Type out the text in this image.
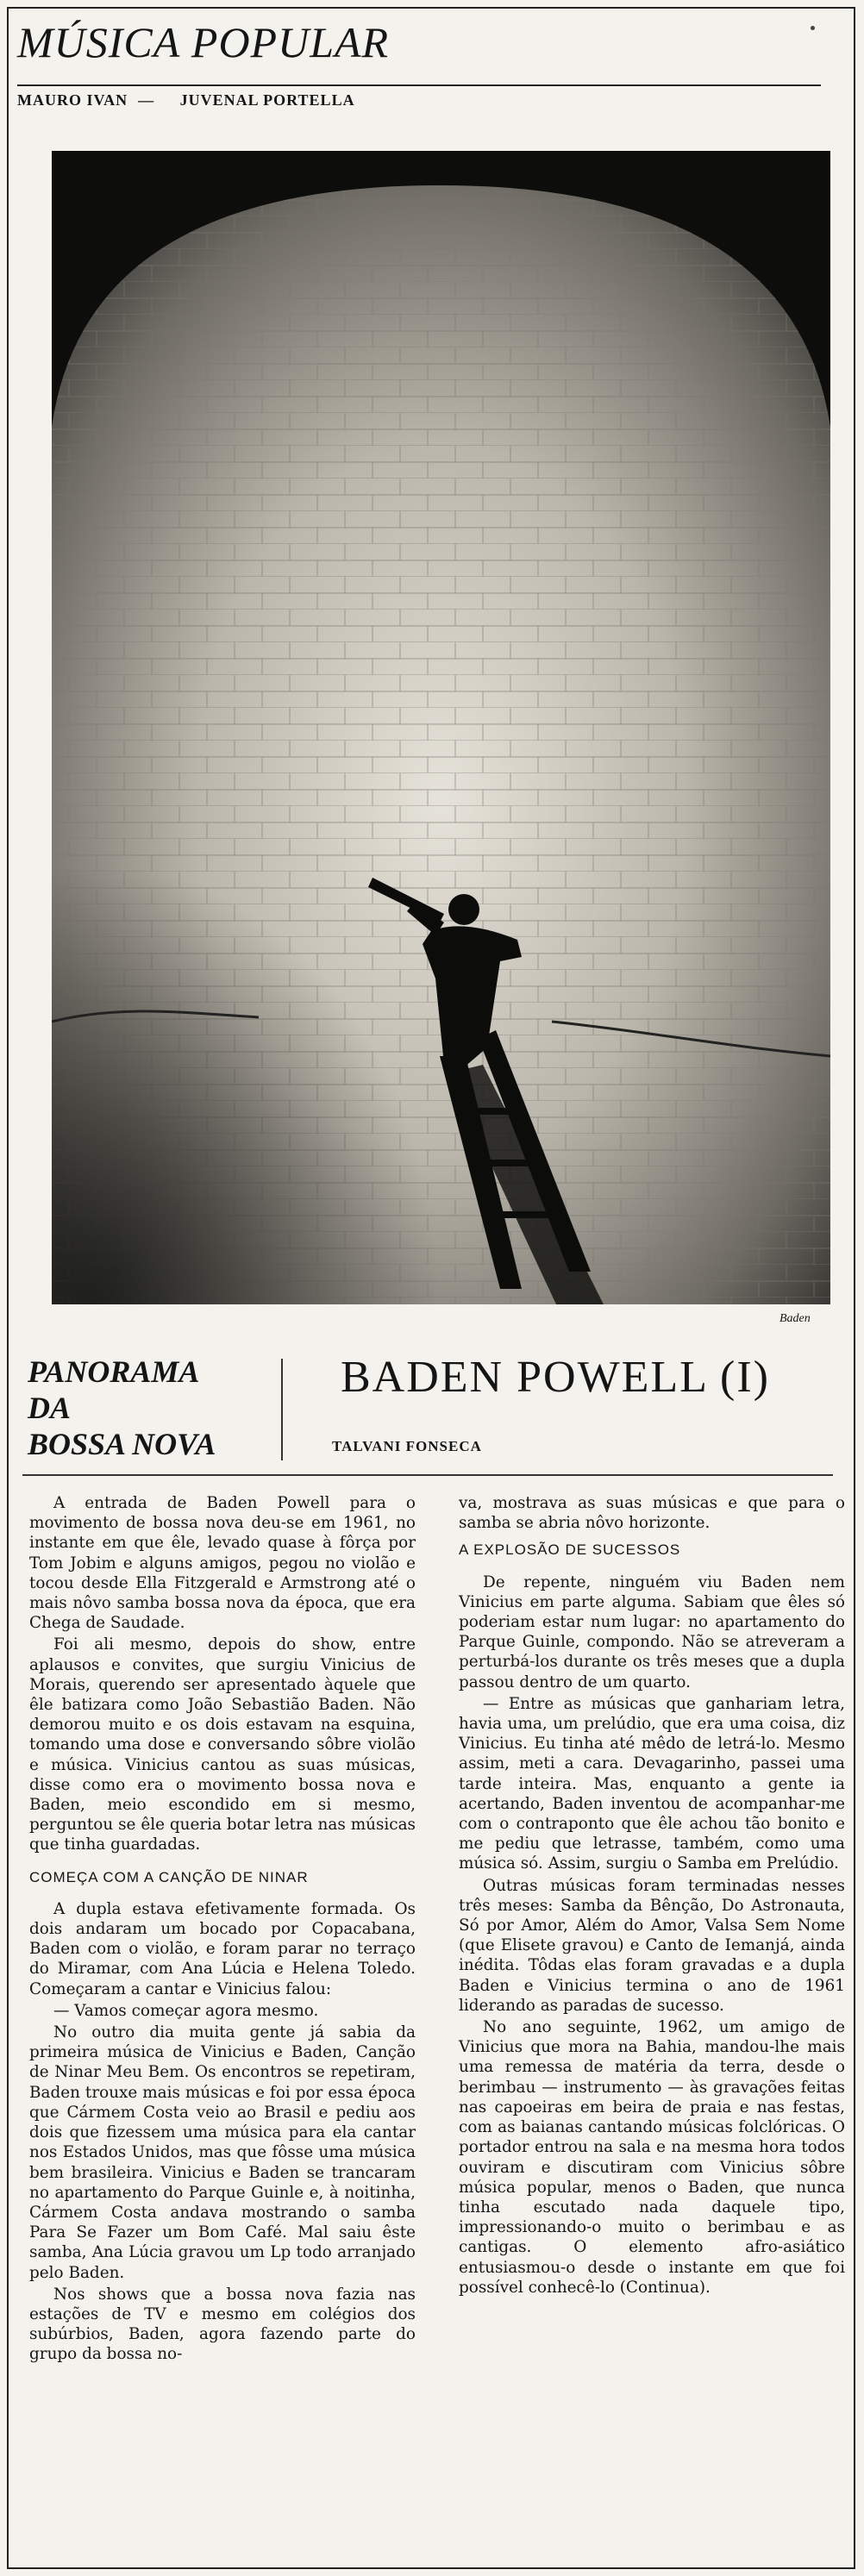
MÚSICA POPULAR
MAURO IVAN — JUVENAL PORTELLA
Baden
PANORAMA
DA
BOSSA NOVA
BADEN POWELL (I)
TALVANI FONSECA

A entrada de Baden Powell para o movimento de bossa nova deu-se em 1961, no instante em que êle, levado quase à fôrça por Tom Jobim e alguns amigos, pegou no violão e tocou desde Ella Fitzgerald e Armstrong até o mais nôvo samba bossa nova da época, que era Chega de Saudade.

Foi ali mesmo, depois do show, entre aplausos e convites, que surgiu Vinicius de Morais, querendo ser apresentado àquele que êle batizara como João Sebastião Baden. Não demorou muito e os dois estavam na esquina, tomando uma dose e conversando sôbre violão e música. Vinicius cantou as suas músicas, disse como era o movimento bossa nova e Baden, meio escondido em si mesmo, perguntou se êle queria botar letra nas músicas que tinha guardadas.

COMEÇA COM A CANÇÃO DE NINAR

A dupla estava efetivamente formada. Os dois andaram um bocado por Copacabana, Baden com o violão, e foram parar no terraço do Miramar, com Ana Lúcia e Helena Toledo. Começaram a cantar e Vinicius falou:

— Vamos começar agora mesmo.

No outro dia muita gente já sabia da primeira música de Vinicius e Baden, Canção de Ninar Meu Bem. Os encontros se repetiram, Baden trouxe mais músicas e foi por essa época que Cármem Costa veio ao Brasil e pediu aos dois que fizessem uma música para ela cantar nos Estados Unidos, mas que fôsse uma música bem brasileira. Vinicius e Baden se trancaram no apartamento do Parque Guinle e, à noitinha, Cármem Costa andava mostrando o samba Para Se Fazer um Bom Café. Mal saiu êste samba, Ana Lúcia gravou um Lp todo arranjado pelo Baden.

Nos shows que a bossa nova fazia nas estações de TV e mesmo em colégios dos subúrbios, Baden, agora fazendo parte do grupo da bossa no-

va, mostrava as suas músicas e que para o samba se abria nôvo horizonte.

A EXPLOSÃO DE SUCESSOS

De repente, ninguém viu Baden nem Vinicius em parte alguma. Sabiam que êles só poderiam estar num lugar: no apartamento do Parque Guinle, compondo. Não se atreveram a perturbá-los durante os três meses que a dupla passou dentro de um quarto.

— Entre as músicas que ganhariam letra, havia uma, um prelúdio, que era uma coisa, diz Vinicius. Eu tinha até mêdo de letrá-lo. Mesmo assim, meti a cara. Devagarinho, passei uma tarde inteira. Mas, enquanto a gente ia acertando, Baden inventou de acompanhar-me com o contraponto que êle achou tão bonito e me pediu que letrasse, também, como uma música só. Assim, surgiu o Samba em Prelúdio.

Outras músicas foram terminadas nesses três meses: Samba da Bênção, Do Astronauta, Só por Amor, Além do Amor, Valsa Sem Nome (que Elisete gravou) e Canto de Iemanjá, ainda inédita. Tôdas elas foram gravadas e a dupla Baden e Vinicius termina o ano de 1961 liderando as paradas de sucesso.

No ano seguinte, 1962, um amigo de Vinicius que mora na Bahia, mandou-lhe mais uma remessa de matéria da terra, desde o berimbau — instrumento — às gravações feitas nas capoeiras em beira de praia e nas festas, com as baianas cantando músicas folclóricas. O portador entrou na sala e na mesma hora todos ouviram e discutiram com Vinicius sôbre música popular, menos o Baden, que nunca tinha escutado nada daquele tipo, impressionando-o muito o berimbau e as cantigas. O elemento afro-asiático entusiasmou-o desde o instante em que foi possível conhecê-lo (Continua).
